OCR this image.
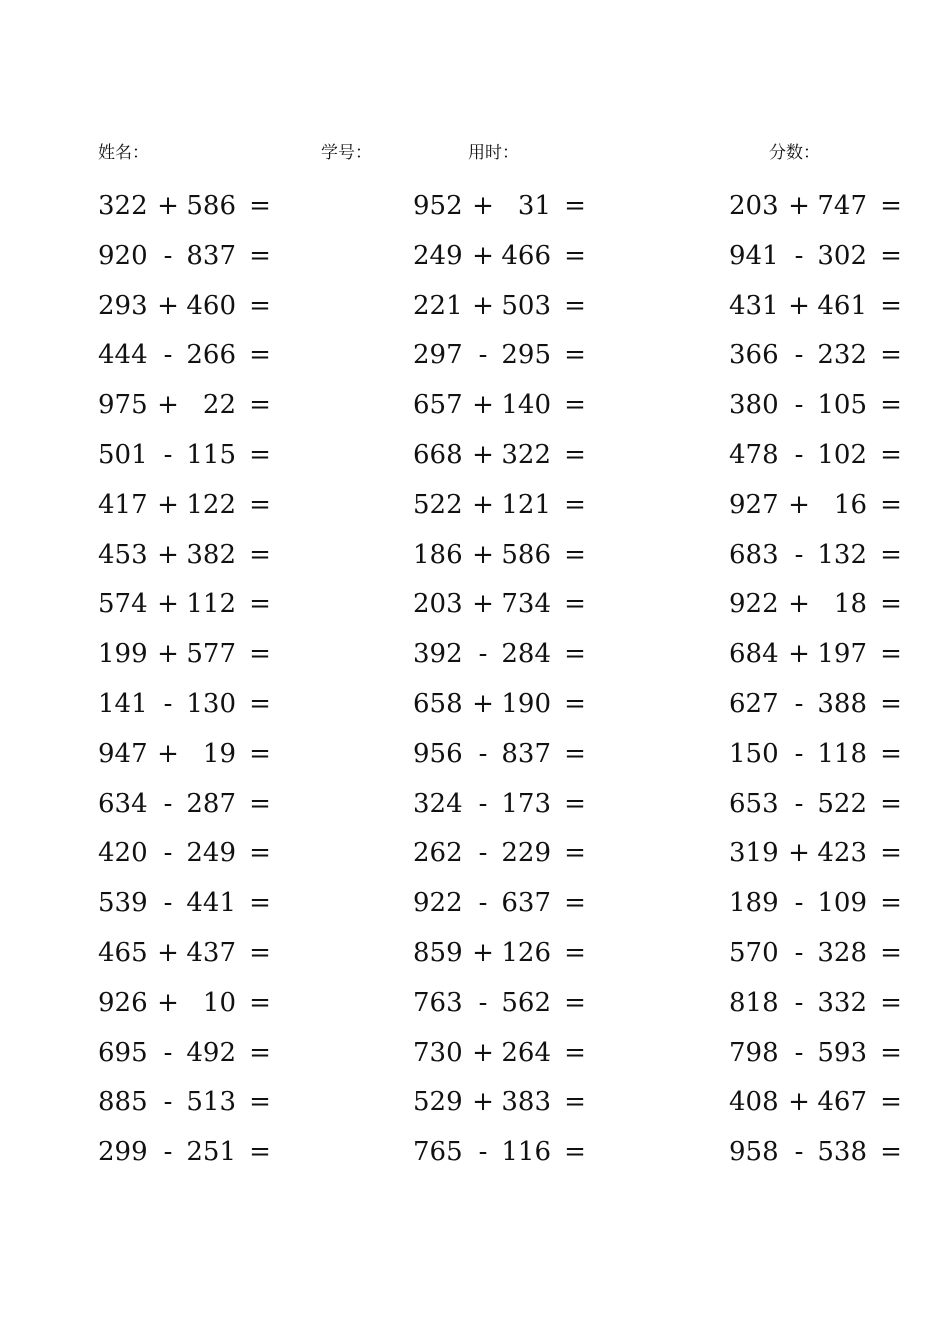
姓名：	学号：	用时：	分数：
322 + 586 =
920 - 837 =
293 + 460 =
444 - 266 =
975 + 22 =
501 - 115 =
417 + 122 =
453 + 382 =
574 + 112 =
199 + 577 =
141 - 130 =
947 + 19 =
634 - 287 =
420 - 249 =
539 - 441 =
465 + 437 =
926 + 10 =
695 - 492 =
885 - 513 =
299 - 251 =
952 + 31 =
249 + 466 =
221 + 503 =
297 - 295 =
657 + 140 =
668 + 322 =
522 + 121 =
186 + 586 =
203 + 734 =
392 - 284 =
658 + 190 =
956 - 837 =
324 - 173 =
262 - 229 =
922 - 637 =
859 + 126 =
763 - 562 =
730 + 264 =
529 + 383 =
765 - 116 =
203 + 747 =
941 - 302 =
431 + 461 =
366 - 232 =
380 - 105 =
478 - 102 =
927 + 16 =
683 - 132 =
922 + 18 =
684 + 197 =
627 - 388 =
150 - 118 =
653 - 522 =
319 + 423 =
189 - 109 =
570 - 328 =
818 - 332 =
798 - 593 =
408 + 467 =
958 - 538 =
